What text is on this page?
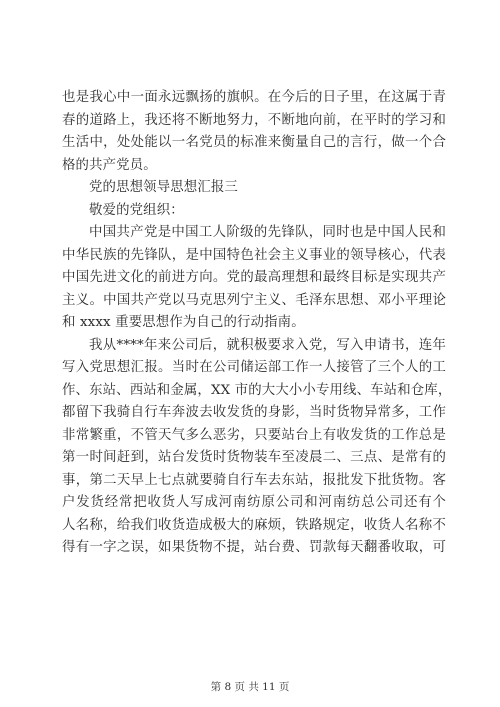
也是我心中一面永远飘扬的旗帜。在今后的日子里，在这属于青
春的道路上，我还将不断地努力，不断地向前，在平时的学习和
生活中，处处能以一名党员的标准来衡量自己的言行，做一个合
格的共产党员。
党的思想领导思想汇报三
敬爱的党组织：
中国共产党是中国工人阶级的先锋队，同时也是中国人民和
中华民族的先锋队，是中国特色社会主义事业的领导核心，代表
中国先进文化的前进方向。党的最高理想和最终目标是实现共产
主义。中国共产党以马克思列宁主义、毛泽东思想、邓小平理论
和 xxxx 重要思想作为自己的行动指南。
我从****年来公司后，就积极要求入党，写入申请书，连年
写入党思想汇报。当时在公司储运部工作一人接管了三个人的工
作、东站、西站和金属，XX 市的大大小小专用线、车站和仓库，
都留下我骑自行车奔波去收发货的身影，当时货物异常多，工作
非常繁重，不管天气多么恶劣，只要站台上有收发货的工作总是
第一时间赶到，站台发货时货物装车至凌晨二、三点、是常有的
事，第二天早上七点就要骑自行车去东站，报批发下批货物。客
户发货经常把收货人写成河南纺原公司和河南纺总公司还有个
人名称，给我们收货造成极大的麻烦，铁路规定，收货人名称不
得有一字之误，如果货物不提，站台费、罚款每天翻番收取，可
第 8 页 共 11 页
